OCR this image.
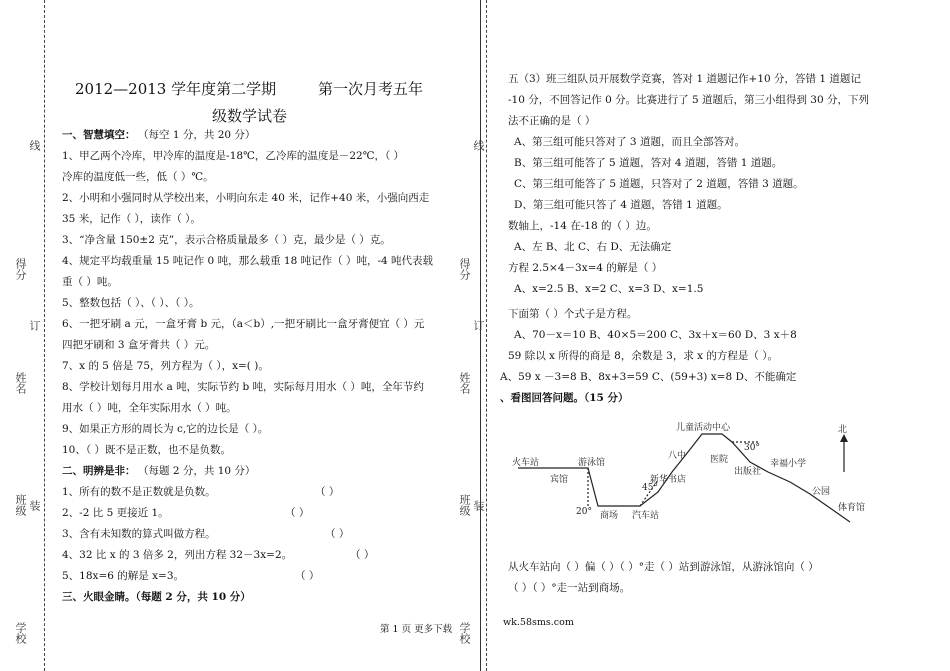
线
得分
订
姓名
班级 装
学校
线
得分
订
姓名
班级 装
学校
2012—2013 学年度第二学期	第一次月考五年
级数学试卷
一、智慧填空： （每空 1 分，共 20 分）
1、甲乙两个冷库，甲冷库的温度是-18℃，乙冷库的温度是－22℃，（ ）
冷库的温度低一些，低（ ）℃。
2、小明和小强同时从学校出来，小明向东走 40 米，记作+40 米，小强向西走
35 米，记作（ ），读作（ ）。
3、“净含量 150±2 克”，表示合格质量最多（ ）克，最少是（ ）克。
4、规定平均载重量 15 吨记作 0 吨，那么载重 18 吨记作（ ）吨，-4 吨代表载
重（ ）吨。
5、整数包括（ ）、（ ）、（ ）。
6、一把牙刷 a 元，一盒牙膏 b 元，（a＜b）,一把牙刷比一盒牙膏便宜（ ）元
四把牙刷和 3 盒牙膏共（ ）元。
7、x 的 5 倍是 75，列方程为（ ），x=( )。
8、学校计划每月用水 a 吨，实际节约 b 吨，实际每月用水（ ）吨，全年节约
用水（ ）吨，全年实际用水（ ）吨。
9、如果正方形的周长为 c,它的边长是（ ）。
10、（ ）既不是正数，也不是负数。
二、明辨是非： （每题 2 分，共 10 分）
1、所有的数不是正数就是负数。	（ ）
2、-2 比 5 更接近 1。	（ ）
3、含有未知数的算式叫做方程。	（ ）
4、32 比 x 的 3 倍多 2，列出方程 32－3x=2。	（ ）
5、18x=6 的解是 x=3。	（ ）
三、火眼金睛。（每题 2 分，共 10 分）
第 1 页 更多下载
五（3）班三组队员开展数学竞赛，答对 1 道题记作+10 分，答错 1 道题记
-10 分，不回答记作 0 分。比赛进行了 5 道题后，第三小组得到 30 分，下列
法不正确的是（ ）
A、第三组可能只答对了 3 道题，而且全部答对。
B、第三组可能答了 5 道题，答对 4 道题，答错 1 道题。
C、第三组可能答了 5 道题，只答对了 2 道题，答错 3 道题。
D、第三组可能只答了 4 道题，答错 1 道题。
数轴上，-14 在-18 的（ ）边。
A、左 B、北 C、右 D、无法确定
方程 2.5×4－3x=4 的解是（ ）
A、x=2.5 B、x=2 C、x=3 D、x=1.5
下面第（ ）个式子是方程。
A、70－x＝10 B、40×5＝200 C、3x＋x＝60 D、3 x＋8
59 除以 x 所得的商是 8，余数是 3，求 x 的方程是（ ）。
A、59 x －3=8 B、8x+3=59 C、(59+3) x=8 D、不能确定
、看图回答问题。（15 分）
火车站	游泳馆
宾馆
20° 商场
45°
新华书店
汽车站
八中
儿童活动中心
30°
医院
出版社
幸福小学
公园
体育馆
北
从火车站向（ ）偏（ ）（ ）°走（ ）站到游泳馆，从游泳馆向（ ）
（ ）（ ）°走一站到商场。
wk.58sms.com
